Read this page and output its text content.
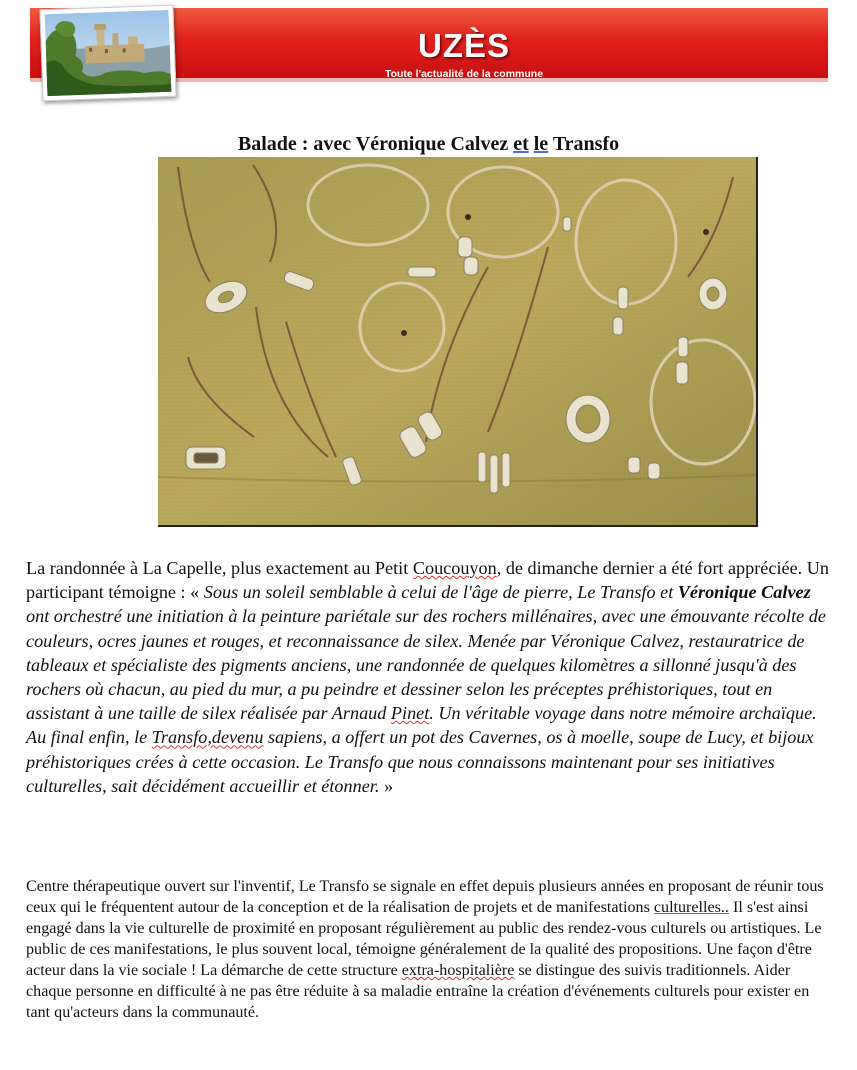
UZÈS
Toute l'actualité de la commune
Balade : avec Véronique Calvez et le Transfo

La randonnée à La Capelle, plus exactement au Petit Coucouyon, de dimanche dernier a été fort appréciée. Un participant témoigne : « Sous un soleil semblable à celui de l'âge de pierre, Le Transfo et Véronique Calvez ont orchestré une initiation à la peinture pariétale sur des rochers millénaires, avec une émouvante récolte de couleurs, ocres jaunes et rouges, et reconnaissance de silex. Menée par Véronique Calvez, restauratrice de tableaux et spécialiste des pigments anciens, une randonnée de quelques kilomètres a sillonné jusqu'à des rochers où chacun, au pied du mur, a pu peindre et dessiner selon les préceptes préhistoriques, tout en assistant à une taille de silex réalisée par Arnaud Pinet. Un véritable voyage dans notre mémoire archaïque. Au final enfin, le Transfo,devenu sapiens, a offert un pot des Cavernes, os à moelle, soupe de Lucy, et bijoux préhistoriques crées à cette occasion. Le Transfo que nous connaissons maintenant pour ses initiatives culturelles, sait décidément accueillir et étonner. »

Centre thérapeutique ouvert sur l'inventif, Le Transfo se signale en effet depuis plusieurs années en proposant de réunir tous ceux qui le fréquentent autour de la conception et de la réalisation de projets et de manifestations culturelles.. Il s'est ainsi engagé dans la vie culturelle de proximité en proposant régulièrement au public des rendez-vous culturels ou artistiques. Le public de ces manifestations, le plus souvent local, témoigne généralement de la qualité des propositions. Une façon d'être acteur dans la vie sociale ! La démarche de cette structure extra-hospitalière se distingue des suivis traditionnels. Aider chaque personne en difficulté à ne pas être réduite à sa maladie entraîne la création d'événements culturels pour exister en tant qu'acteurs dans la communauté.
